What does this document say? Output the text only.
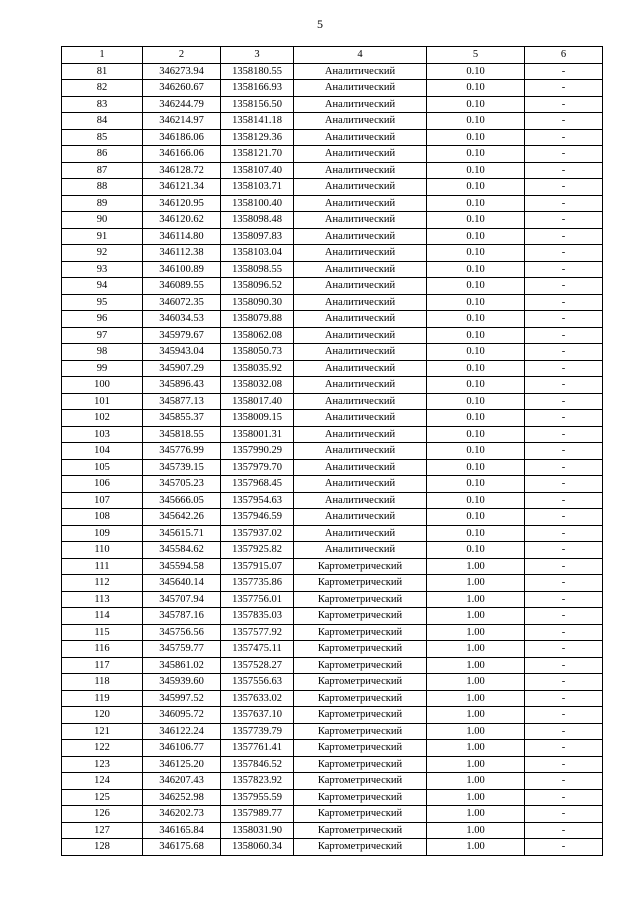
5
1	2	3	4	5	6
81	346273.94	1358180.55	Аналитический	0.10	-
82	346260.67	1358166.93	Аналитический	0.10	-
83	346244.79	1358156.50	Аналитический	0.10	-
84	346214.97	1358141.18	Аналитический	0.10	-
85	346186.06	1358129.36	Аналитический	0.10	-
86	346166.06	1358121.70	Аналитический	0.10	-
87	346128.72	1358107.40	Аналитический	0.10	-
88	346121.34	1358103.71	Аналитический	0.10	-
89	346120.95	1358100.40	Аналитический	0.10	-
90	346120.62	1358098.48	Аналитический	0.10	-
91	346114.80	1358097.83	Аналитический	0.10	-
92	346112.38	1358103.04	Аналитический	0.10	-
93	346100.89	1358098.55	Аналитический	0.10	-
94	346089.55	1358096.52	Аналитический	0.10	-
95	346072.35	1358090.30	Аналитический	0.10	-
96	346034.53	1358079.88	Аналитический	0.10	-
97	345979.67	1358062.08	Аналитический	0.10	-
98	345943.04	1358050.73	Аналитический	0.10	-
99	345907.29	1358035.92	Аналитический	0.10	-
100	345896.43	1358032.08	Аналитический	0.10	-
101	345877.13	1358017.40	Аналитический	0.10	-
102	345855.37	1358009.15	Аналитический	0.10	-
103	345818.55	1358001.31	Аналитический	0.10	-
104	345776.99	1357990.29	Аналитический	0.10	-
105	345739.15	1357979.70	Аналитический	0.10	-
106	345705.23	1357968.45	Аналитический	0.10	-
107	345666.05	1357954.63	Аналитический	0.10	-
108	345642.26	1357946.59	Аналитический	0.10	-
109	345615.71	1357937.02	Аналитический	0.10	-
110	345584.62	1357925.82	Аналитический	0.10	-
111	345594.58	1357915.07	Картометрический	1.00	-
112	345640.14	1357735.86	Картометрический	1.00	-
113	345707.94	1357756.01	Картометрический	1.00	-
114	345787.16	1357835.03	Картометрический	1.00	-
115	345756.56	1357577.92	Картометрический	1.00	-
116	345759.77	1357475.11	Картометрический	1.00	-
117	345861.02	1357528.27	Картометрический	1.00	-
118	345939.60	1357556.63	Картометрический	1.00	-
119	345997.52	1357633.02	Картометрический	1.00	-
120	346095.72	1357637.10	Картометрический	1.00	-
121	346122.24	1357739.79	Картометрический	1.00	-
122	346106.77	1357761.41	Картометрический	1.00	-
123	346125.20	1357846.52	Картометрический	1.00	-
124	346207.43	1357823.92	Картометрический	1.00	-
125	346252.98	1357955.59	Картометрический	1.00	-
126	346202.73	1357989.77	Картометрический	1.00	-
127	346165.84	1358031.90	Картометрический	1.00	-
128	346175.68	1358060.34	Картометрический	1.00	-
